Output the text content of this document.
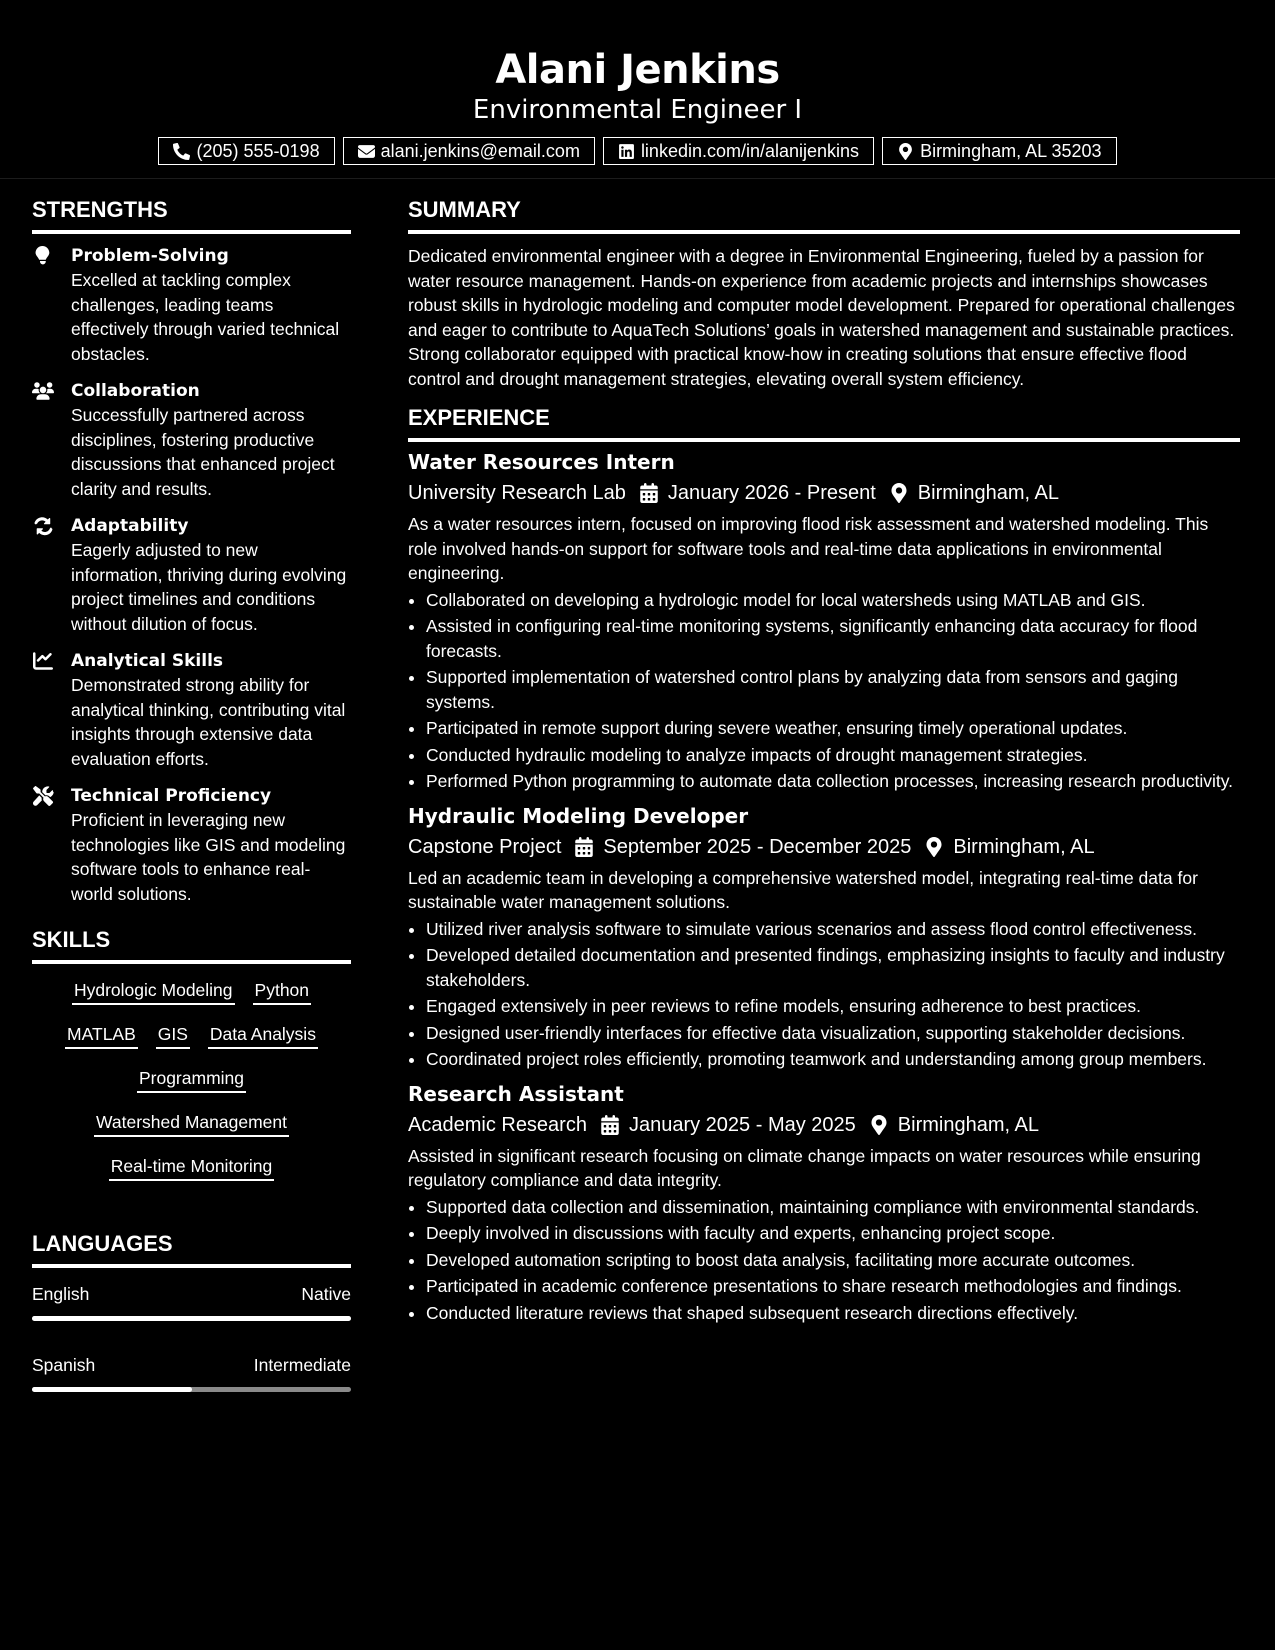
Alani Jenkins
Environmental Engineer I
(205) 555-0198	alani.jenkins@email.com	linkedin.com/in/alanijenkins	Birmingham, AL 35203
STRENGTHS
Problem-Solving
Excelled at tackling complex challenges, leading teams effectively through varied technical obstacles.
Collaboration
Successfully partnered across disciplines, fostering productive discussions that enhanced project clarity and results.
Adaptability
Eagerly adjusted to new information, thriving during evolving project timelines and conditions without dilution of focus.
Analytical Skills
Demonstrated strong ability for analytical thinking, contributing vital insights through extensive data evaluation efforts.
Technical Proficiency
Proficient in leveraging new technologies like GIS and modeling software tools to enhance real-world solutions.
SKILLS
Hydrologic Modeling Python
MATLAB GIS Data Analysis
Programming
Watershed Management
Real-time Monitoring
LANGUAGES
English	Native
Spanish	Intermediate
SUMMARY
Dedicated environmental engineer with a degree in Environmental Engineering, fueled by a passion for water resource management. Hands-on experience from academic projects and internships showcases robust skills in hydrologic modeling and computer model development. Prepared for operational challenges and eager to contribute to AquaTech Solutions’ goals in watershed management and sustainable practices. Strong collaborator equipped with practical know-how in creating solutions that ensure effective flood control and drought management strategies, elevating overall system efficiency.
EXPERIENCE
Water Resources Intern
University Research Lab January 2026 - Present Birmingham, AL
As a water resources intern, focused on improving flood risk assessment and watershed modeling. This role involved hands-on support for software tools and real-time data applications in environmental engineering.
• Collaborated on developing a hydrologic model for local watersheds using MATLAB and GIS.
• Assisted in configuring real-time monitoring systems, significantly enhancing data accuracy for flood forecasts.
• Supported implementation of watershed control plans by analyzing data from sensors and gaging systems.
• Participated in remote support during severe weather, ensuring timely operational updates.
• Conducted hydraulic modeling to analyze impacts of drought management strategies.
• Performed Python programming to automate data collection processes, increasing research productivity.
Hydraulic Modeling Developer
Capstone Project September 2025 - December 2025 Birmingham, AL
Led an academic team in developing a comprehensive watershed model, integrating real-time data for sustainable water management solutions.
• Utilized river analysis software to simulate various scenarios and assess flood control effectiveness.
• Developed detailed documentation and presented findings, emphasizing insights to faculty and industry stakeholders.
• Engaged extensively in peer reviews to refine models, ensuring adherence to best practices.
• Designed user-friendly interfaces for effective data visualization, supporting stakeholder decisions.
• Coordinated project roles efficiently, promoting teamwork and understanding among group members.
Research Assistant
Academic Research January 2025 - May 2025 Birmingham, AL
Assisted in significant research focusing on climate change impacts on water resources while ensuring regulatory compliance and data integrity.
• Supported data collection and dissemination, maintaining compliance with environmental standards.
• Deeply involved in discussions with faculty and experts, enhancing project scope.
• Developed automation scripting to boost data analysis, facilitating more accurate outcomes.
• Participated in academic conference presentations to share research methodologies and findings.
• Conducted literature reviews that shaped subsequent research directions effectively.
